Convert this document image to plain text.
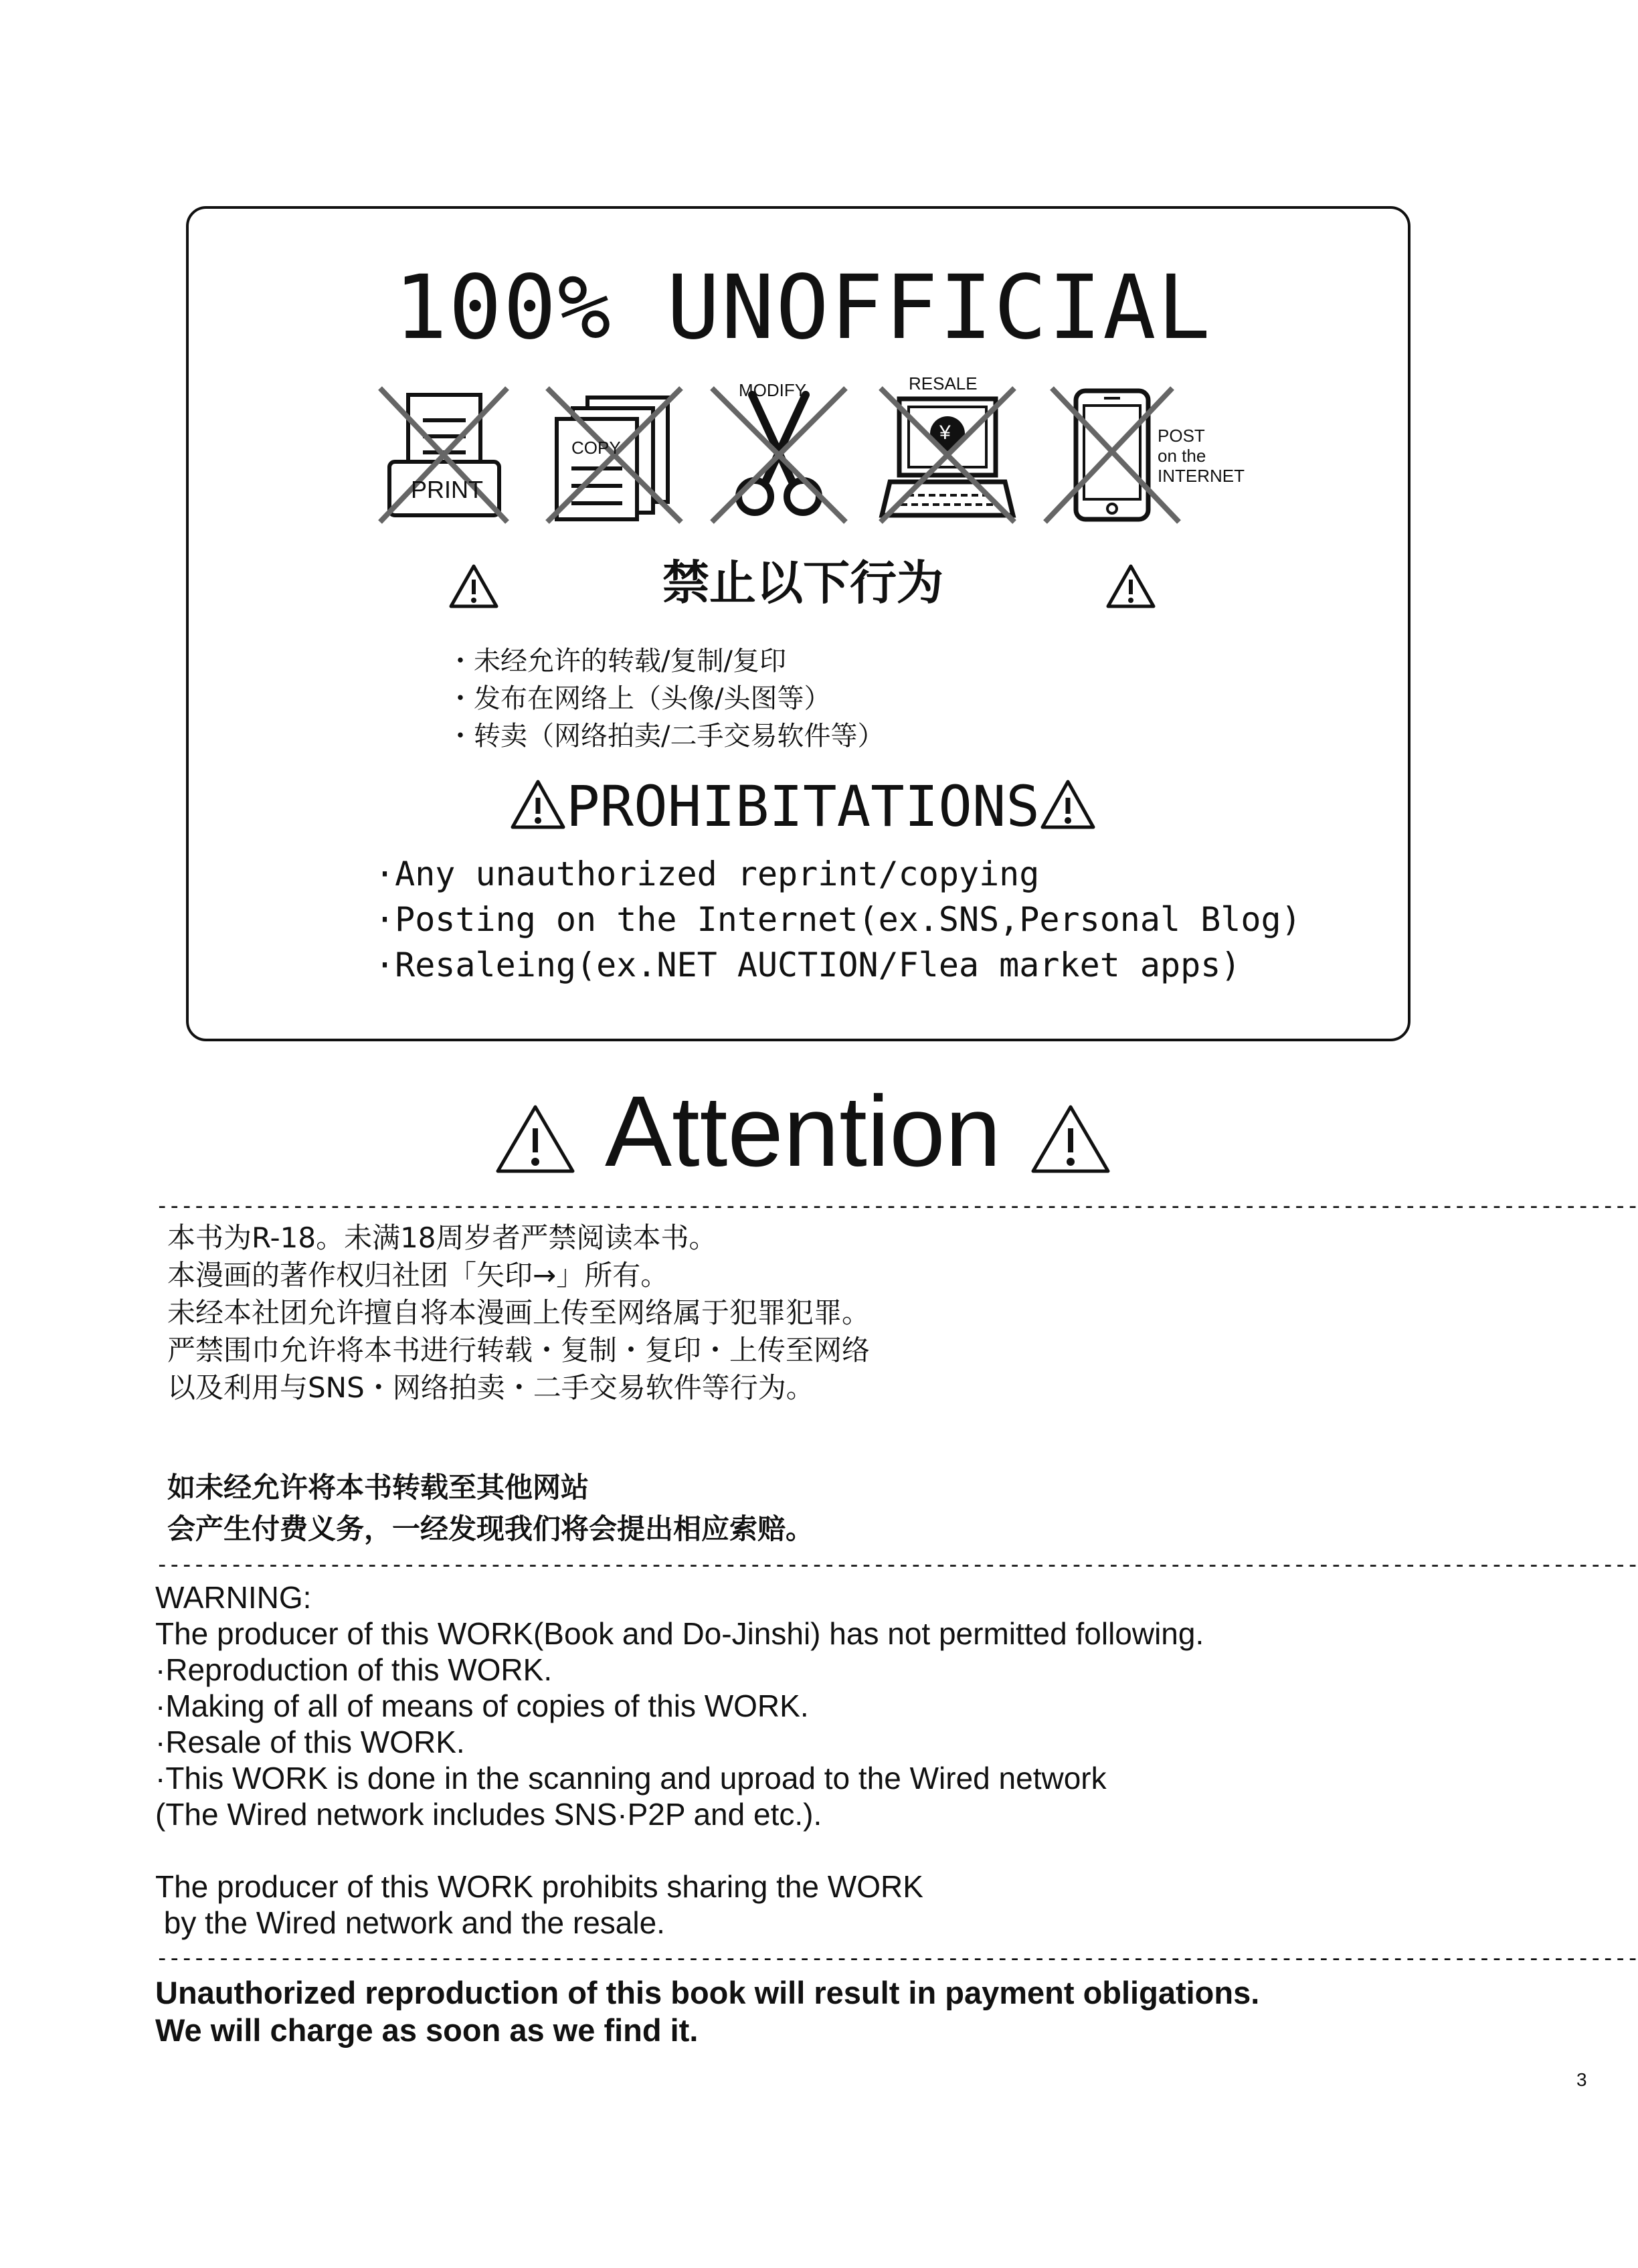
100% UNOFFICIAL
PRINT
COPY
MODIFY
¥
RESALE
POST
on the
INTERNET
禁止以下行为
・未经允许的转载/复制/复印
・发布在网络上（头像/头图等）
・转卖（网络拍卖/二手交易软件等）
PROHIBITATIONS
·Any unauthorized reprint/copying
·Posting on the Internet(ex.SNS,Personal Blog)
·Resaleing(ex.NET AUCTION/Flea market apps)
Attention
------------------------------------------------------------------------------------------------------------------------
本书为R-18。未满18周岁者严禁阅读本书。
本漫画的著作权归社团「矢印→」所有。
未经本社团允许擅自将本漫画上传至网络属于犯罪犯罪。
严禁围巾允许将本书进行转载・复制・复印・上传至网络
以及利用与SNS・网络拍卖・二手交易软件等行为。
如未经允许将本书转载至其他网站
会产生付费义务，一经发现我们将会提出相应索赔。
------------------------------------------------------------------------------------------------------------------------
WARNING:
The producer of this WORK(Book and Do-Jinshi) has not permitted following.
·Reproduction of this WORK.
·Making of all of means of copies of this WORK.
·Resale of this WORK.
·This WORK is done in the scanning and uproad to the Wired network
(The Wired network includes SNS·P2P and etc.).
The producer of this WORK prohibits sharing the WORK
by the Wired network and the resale.
------------------------------------------------------------------------------------------------------------------------
Unauthorized reproduction of this book will result in payment obligations.
We will charge as soon as we find it.
3
